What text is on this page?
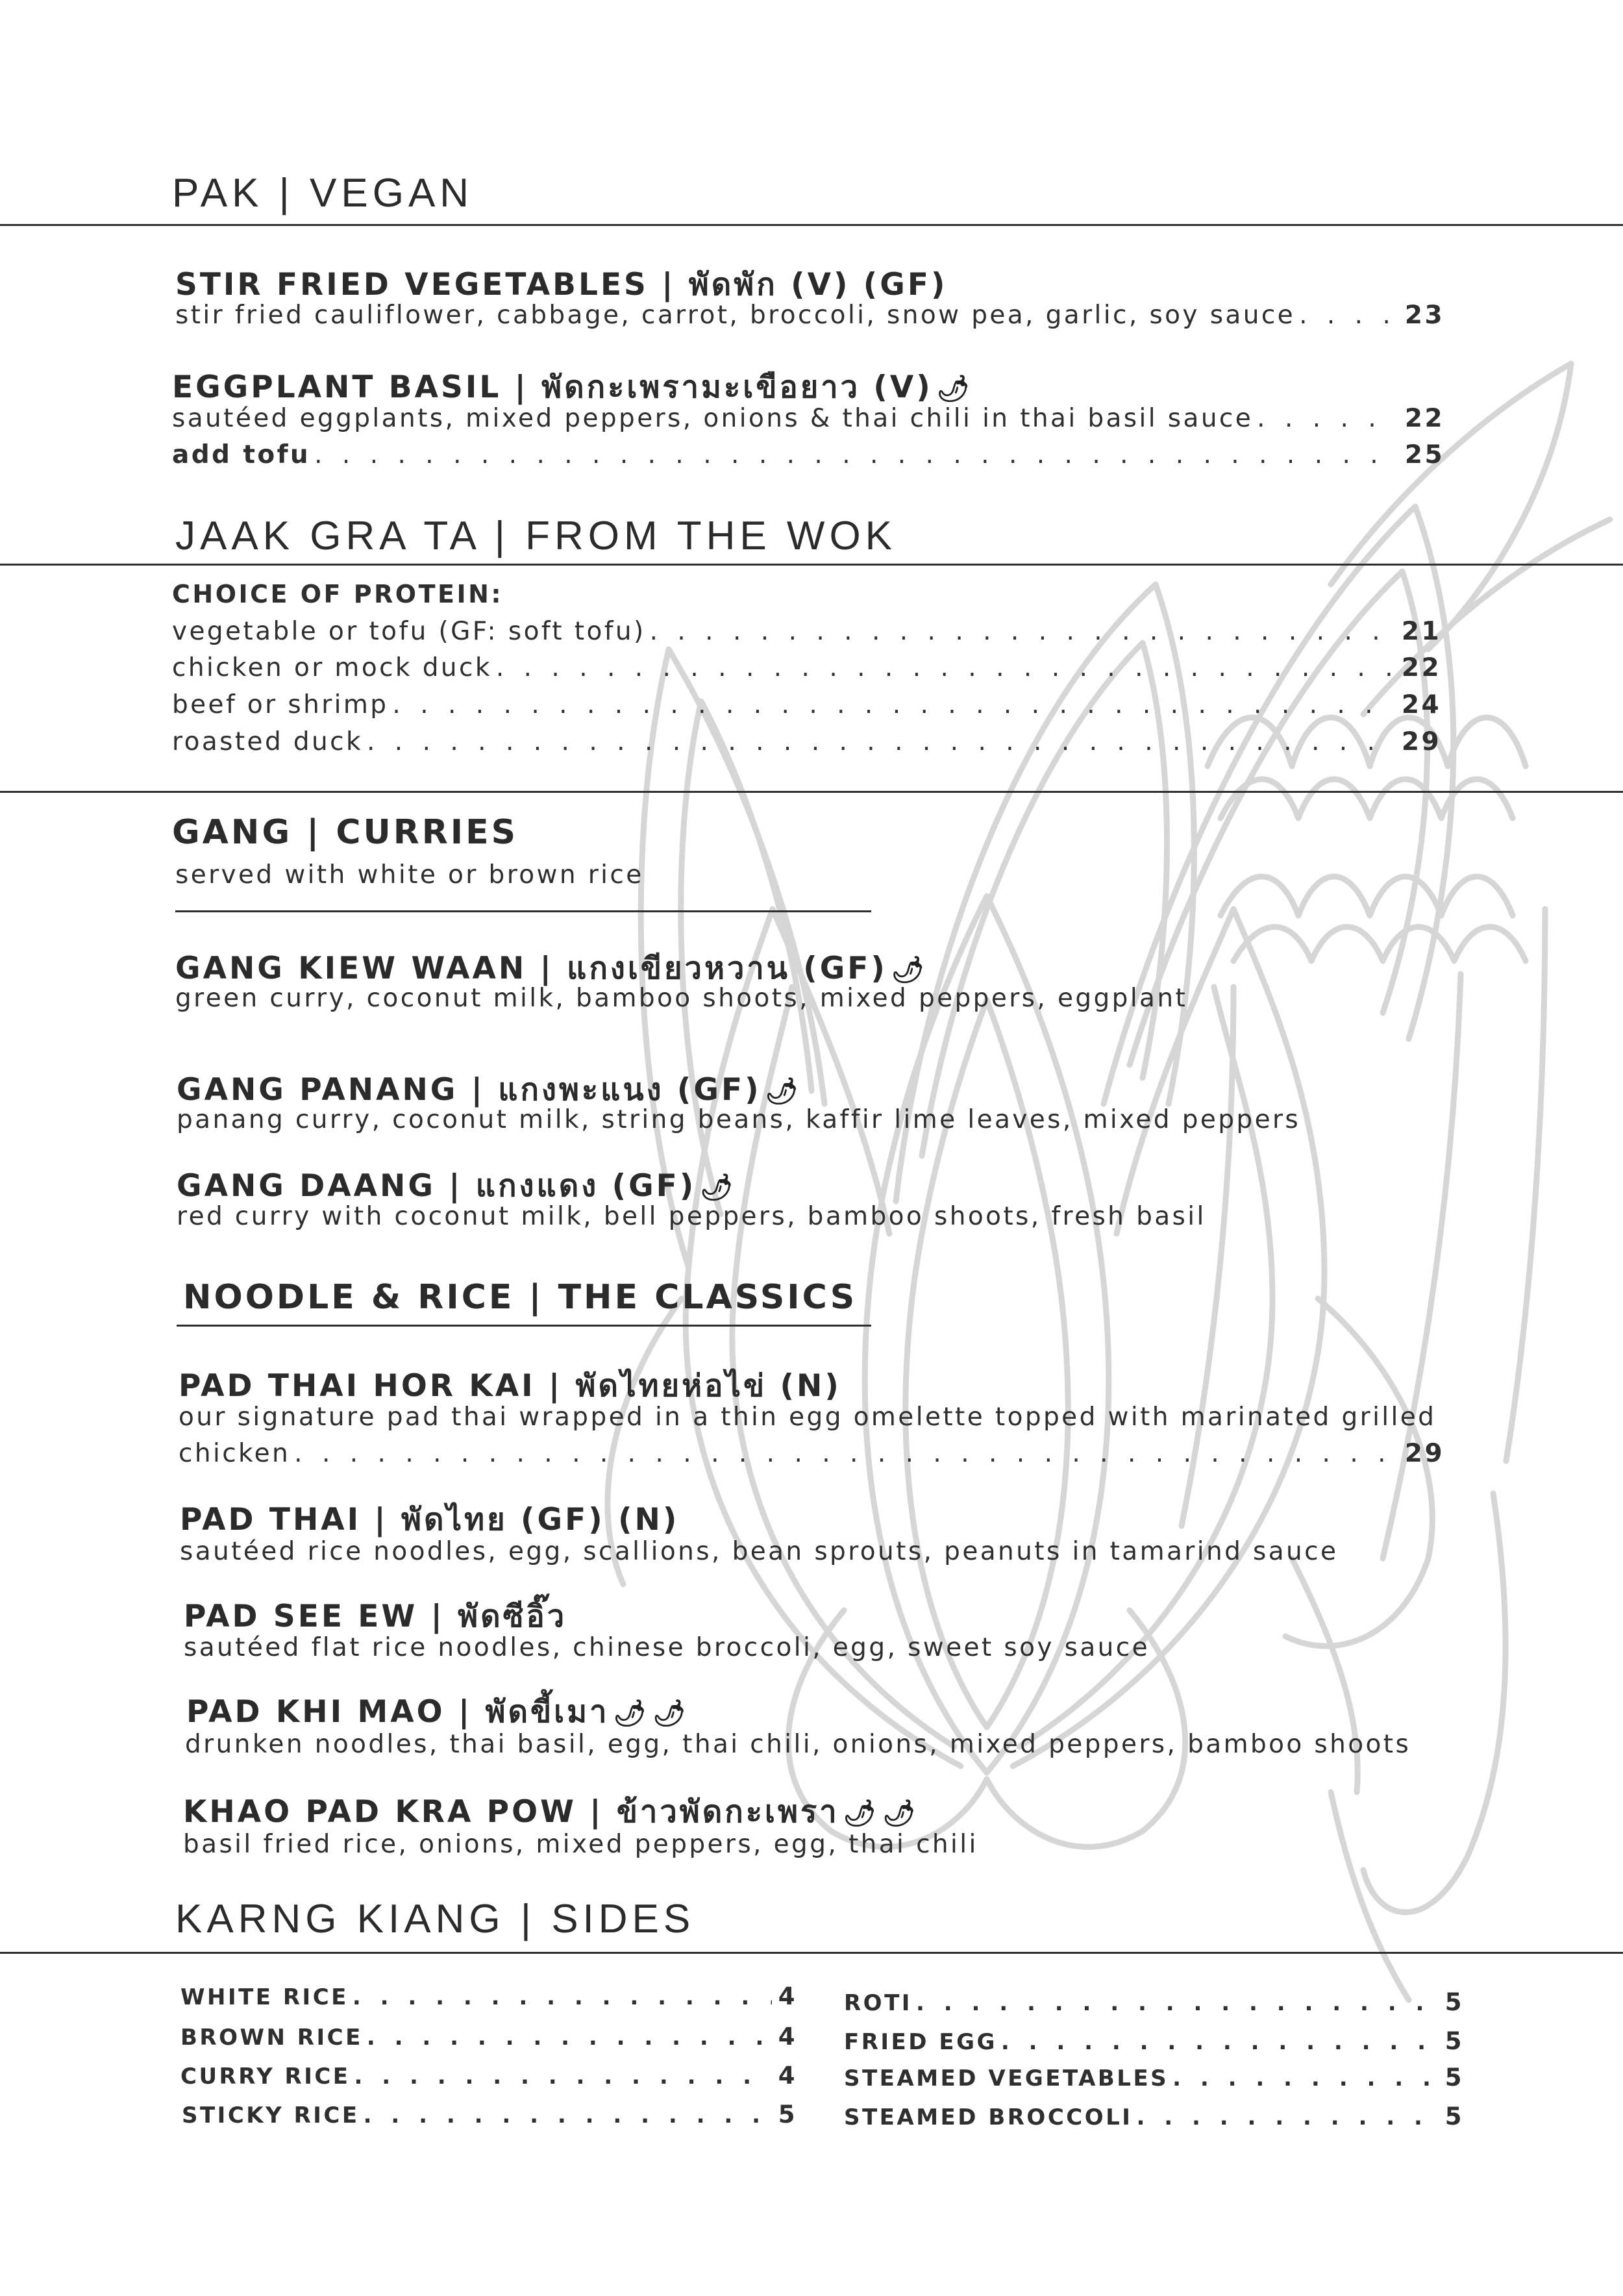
PAK | VEGAN
STIR FRIED VEGETABLES | พัดพัก (V) (GF)
stir fried cauliflower, cabbage, carrot, broccoli, snow pea, garlic, soy sauce . . .	23
EGGPLANT BASIL | พัดกะเพรามะเขือยาว (V) 🌶
sautéed eggplants, mixed peppers, onions & thai chili in thai basil sauce . . .	22
add tofu . . .	25
JAAK GRA TA | FROM THE WOK
CHOICE OF PROTEIN:
vegetable or tofu (GF: soft tofu) . . .	21
chicken or mock duck . . .	22
beef or shrimp . . .	24
roasted duck . . .	29
GANG | CURRIES
served with white or brown rice
GANG KIEW WAAN | แกงเขียวหวาน (GF) 🌶
green curry, coconut milk, bamboo shoots, mixed peppers, eggplant
GANG PANANG | แกงพะแนง (GF) 🌶
panang curry, coconut milk, string beans, kaffir lime leaves, mixed peppers
GANG DAANG | แกงแดง (GF) 🌶
red curry with coconut milk, bell peppers, bamboo shoots, fresh basil
NOODLE & RICE | THE CLASSICS
PAD THAI HOR KAI | พัดไทยห่อไข่ (N)
our signature pad thai wrapped in a thin egg omelette topped with marinated grilled
chicken . . .	29
PAD THAI | พัดไทย (GF) (N)
sautéed rice noodles, egg, scallions, bean sprouts, peanuts in tamarind sauce
PAD SEE EW | พัดซีอิ๊ว
sautéed flat rice noodles, chinese broccoli, egg, sweet soy sauce
PAD KHI MAO | พัดขี้เมา 🌶 🌶
drunken noodles, thai basil, egg, thai chili, onions, mixed peppers, bamboo shoots
KHAO PAD KRA POW | ข้าวพัดกะเพรา 🌶 🌶
basil fried rice, onions, mixed peppers, egg, thai chili
KARNG KIANG | SIDES
WHITE RICE . . .	4
BROWN RICE . . .	4
CURRY RICE . . .	4
STICKY RICE . . .	5
ROTI . . .	5
FRIED EGG . . .	5
STEAMED VEGETABLES . . .	5
STEAMED BROCCOLI . . .	5
